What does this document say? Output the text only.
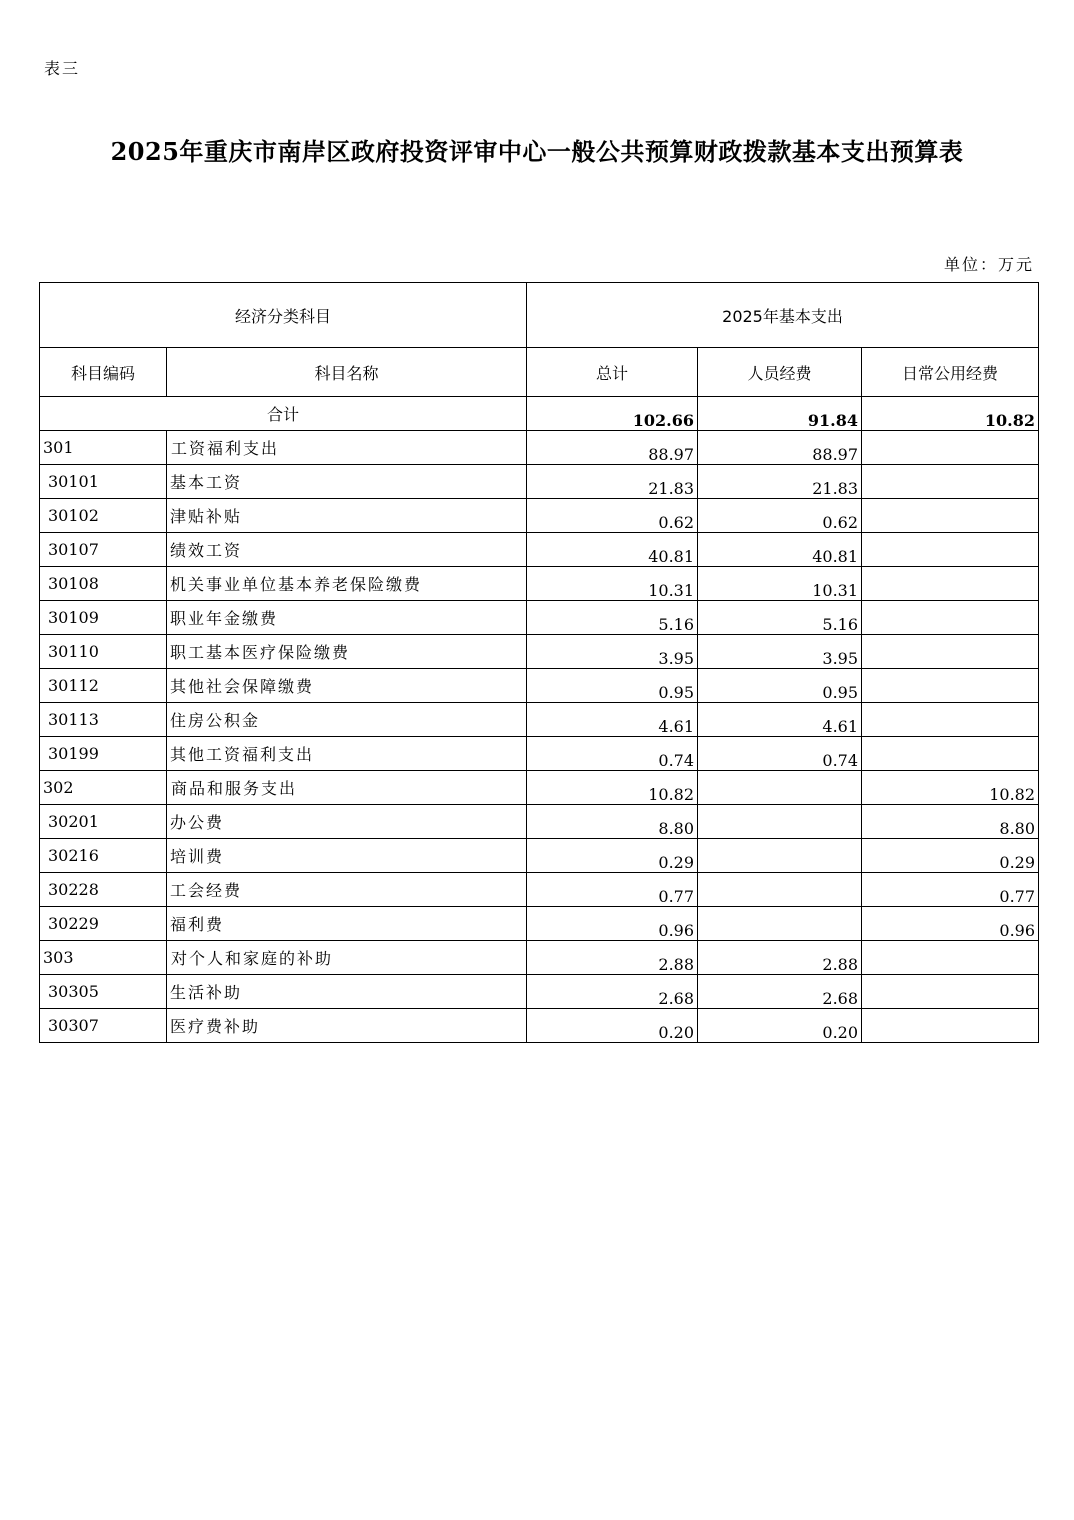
表三
2025年重庆市南岸区政府投资评审中心一般公共预算财政拨款基本支出预算表
单位：万元
经济分类科目		2025年基本支出		
科目编码	科目名称	总计	人员经费	日常公用经费
合计		102.66	91.84	10.82
301	工资福利支出	88.97	88.97	
30101	基本工资	21.83	21.83	
30102	津贴补贴	0.62	0.62	
30107	绩效工资	40.81	40.81	
30108	机关事业单位基本养老保险缴费	10.31	10.31	
30109	职业年金缴费	5.16	5.16	
30110	职工基本医疗保险缴费	3.95	3.95	
30112	其他社会保障缴费	0.95	0.95	
30113	住房公积金	4.61	4.61	
30199	其他工资福利支出	0.74	0.74	
302	商品和服务支出	10.82		10.82
30201	办公费	8.80		8.80
30216	培训费	0.29		0.29
30228	工会经费	0.77		0.77
30229	福利费	0.96		0.96
303	对个人和家庭的补助	2.88	2.88	
30305	生活补助	2.68	2.68	
30307	医疗费补助	0.20	0.20	
